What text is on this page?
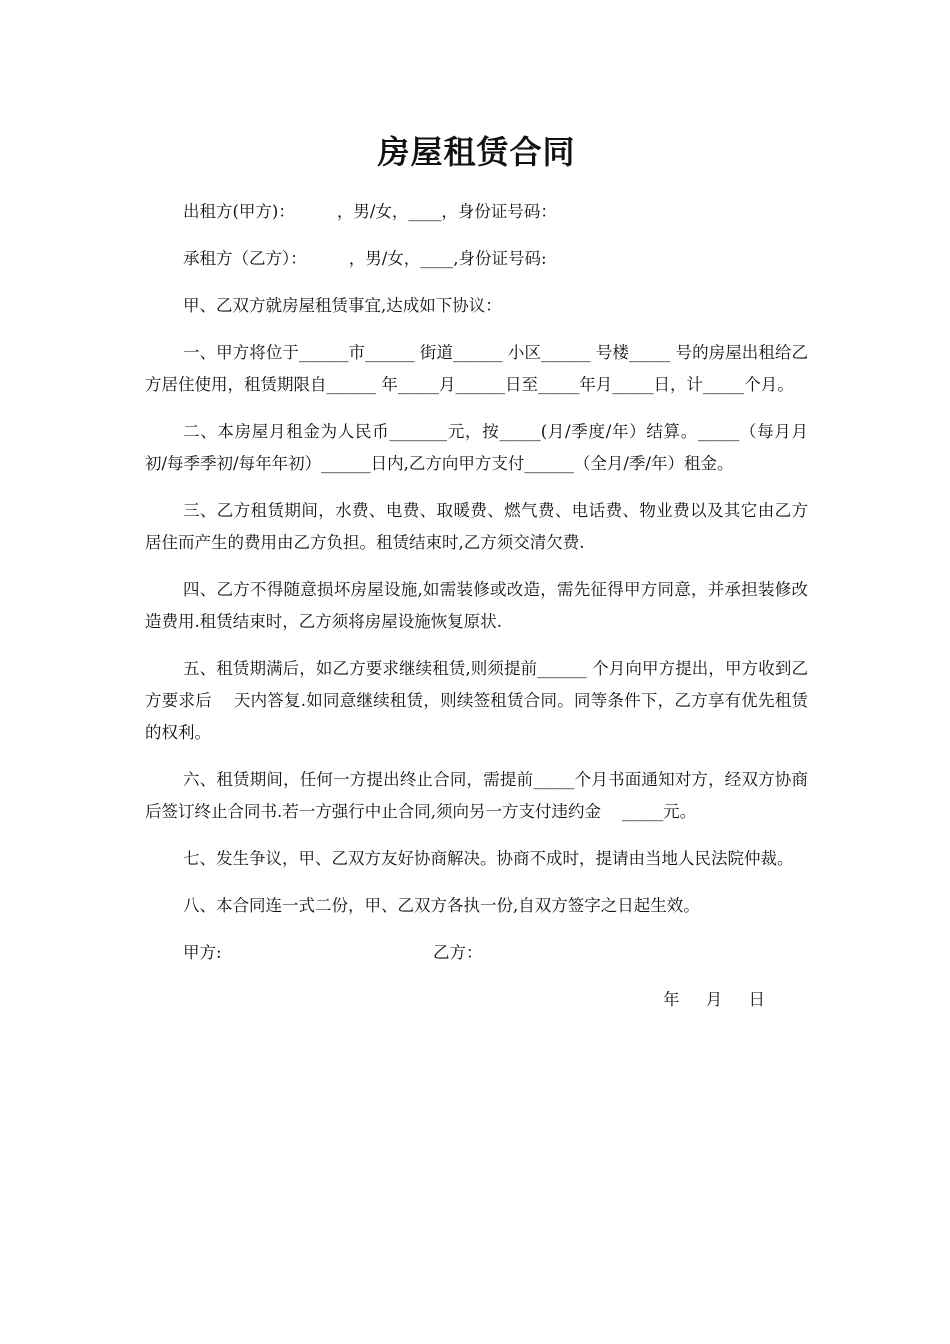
房屋租赁合同

出租方(甲方)：        ，男/女，____，身份证号码：

承租方（乙方）：        ，男/女，____,身份证号码:

甲、乙双方就房屋租赁事宜,达成如下协议：

一、甲方将位于______市______ 街道______ 小区______ 号楼_____ 号的房屋出租给乙方居住使用，租赁期限自______ 年_____月______日至_____年月_____日，计_____个月。

二、本房屋月租金为人民币_______元，按_____(月/季度/年）结算。_____（每月月初/每季季初/每年年初）______日内,乙方向甲方支付______（全月/季/年）租金。

三、乙方租赁期间，水费、电费、取暖费、燃气费、电话费、物业费以及其它由乙方居住而产生的费用由乙方负担。租赁结束时,乙方须交清欠费.

四、乙方不得随意损坏房屋设施,如需装修或改造，需先征得甲方同意，并承担装修改造费用.租赁结束时，乙方须将房屋设施恢复原状.

五、租赁期满后，如乙方要求继续租赁,则须提前______ 个月向甲方提出，甲方收到乙方要求后    天内答复.如同意继续租赁，则续签租赁合同。同等条件下，乙方享有优先租赁的权利。

六、租赁期间，任何一方提出终止合同，需提前_____个月书面通知对方，经双方协商后签订终止合同书.若一方强行中止合同,须向另一方支付违约金    _____元。

七、发生争议，甲、乙双方友好协商解决。协商不成时，提请由当地人民法院仲裁。

八、本合同连一式二份，甲、乙双方各执一份,自双方签字之日起生效。

甲方:	乙方：
年     月     日
